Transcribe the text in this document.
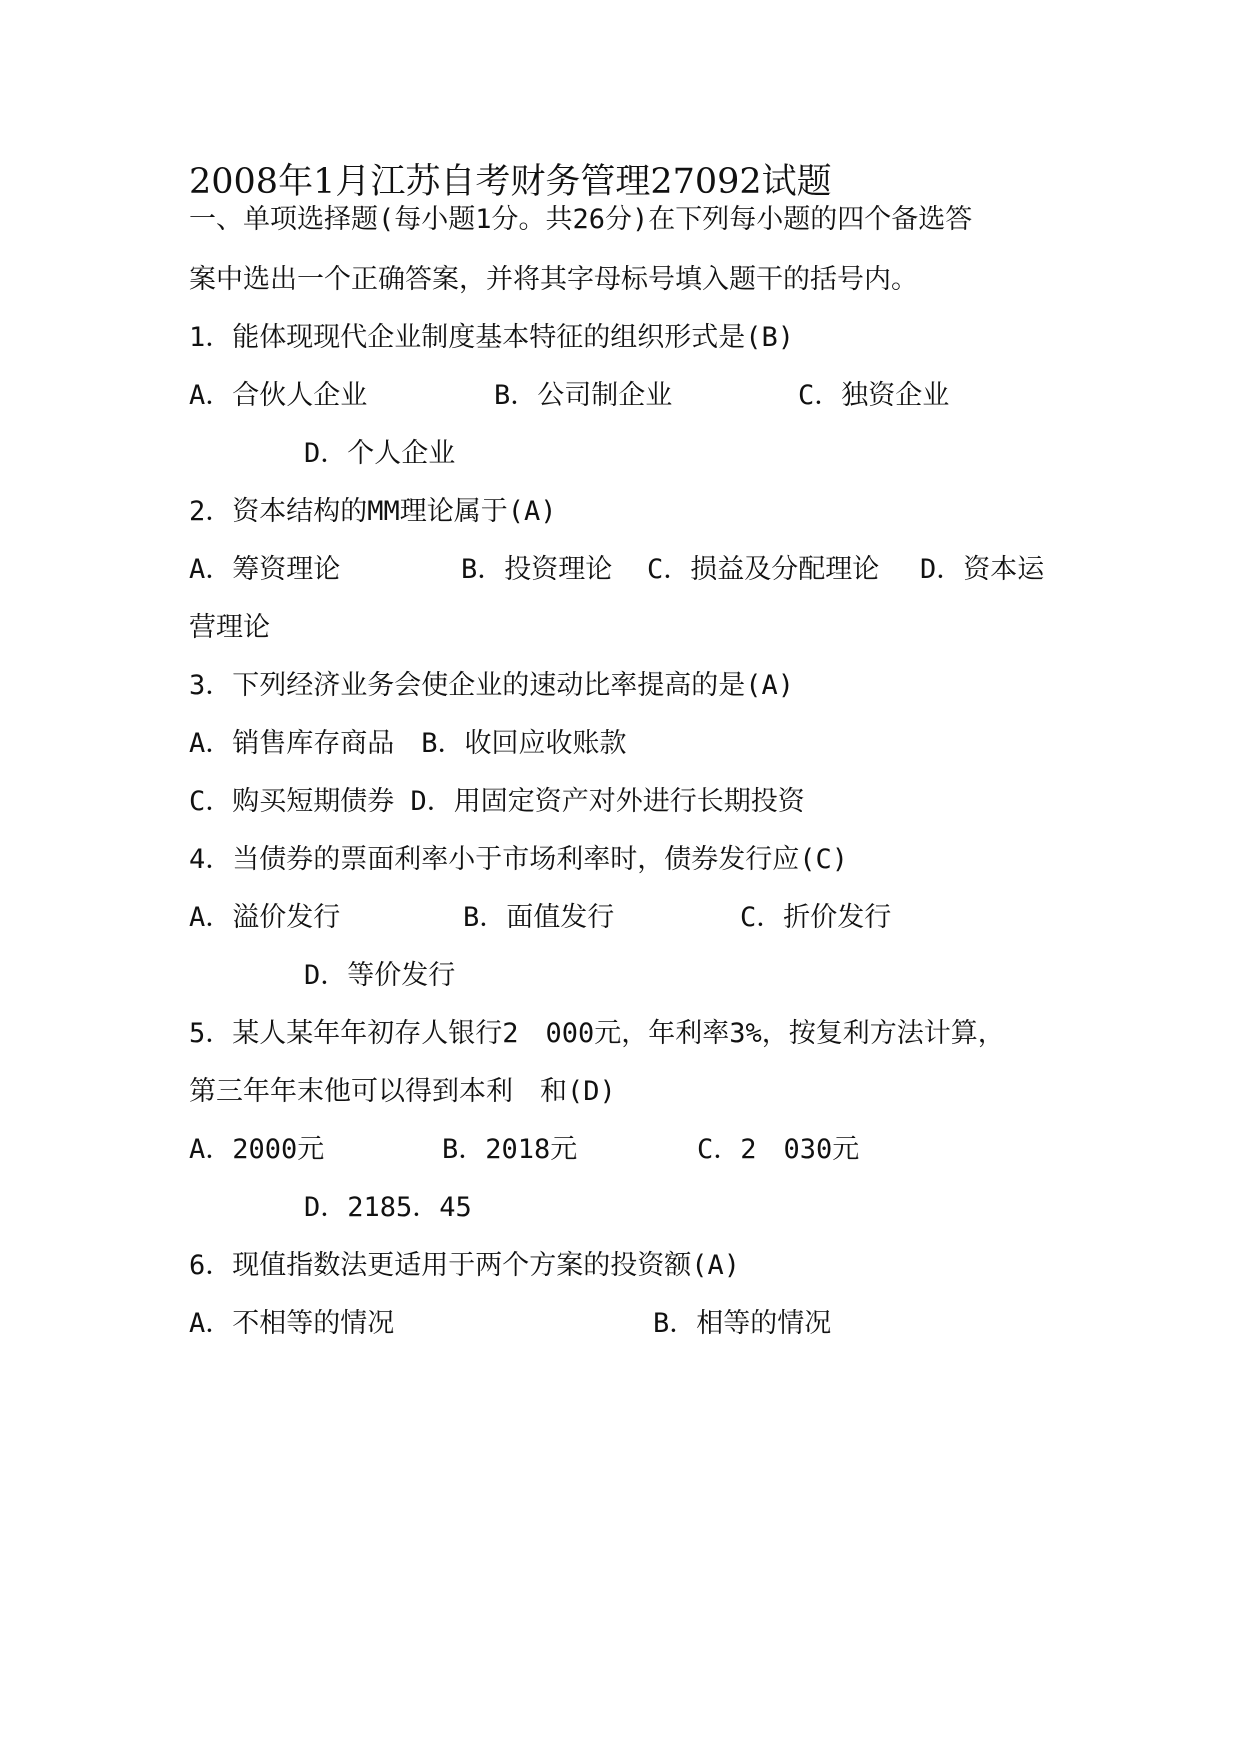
2008年1月江苏自考财务管理27092试题
一、单项选择题(每小题1分。共26分)在下列每小题的四个备选答
案中选出一个正确答案，并将其字母标号填入题干的括号内。
1．能体现现代企业制度基本特征的组织形式是(B)
A．合伙人企业	B．公司制企业	C．独资企业
D．个人企业
2．资本结构的MM理论属于(A)
A．筹资理论	B．投资理论 C．损益及分配理论 D．资本运
营理论
3．下列经济业务会使企业的速动比率提高的是(A)
A．销售库存商品　B．收回应收账款
C．购买短期债券 D．用固定资产对外进行长期投资
4．当债券的票面利率小于市场利率时，债券发行应(C)
A．溢价发行	B．面值发行	C．折价发行
D．等价发行
5．某人某年年初存人银行2　000元，年利率3%，按复利方法计算，
第三年年末他可以得到本利　和(D)
A．2000元	B．2018元	C．2　030元
D．2185．45
6．现值指数法更适用于两个方案的投资额(A)
A．不相等的情况	B．相等的情况
